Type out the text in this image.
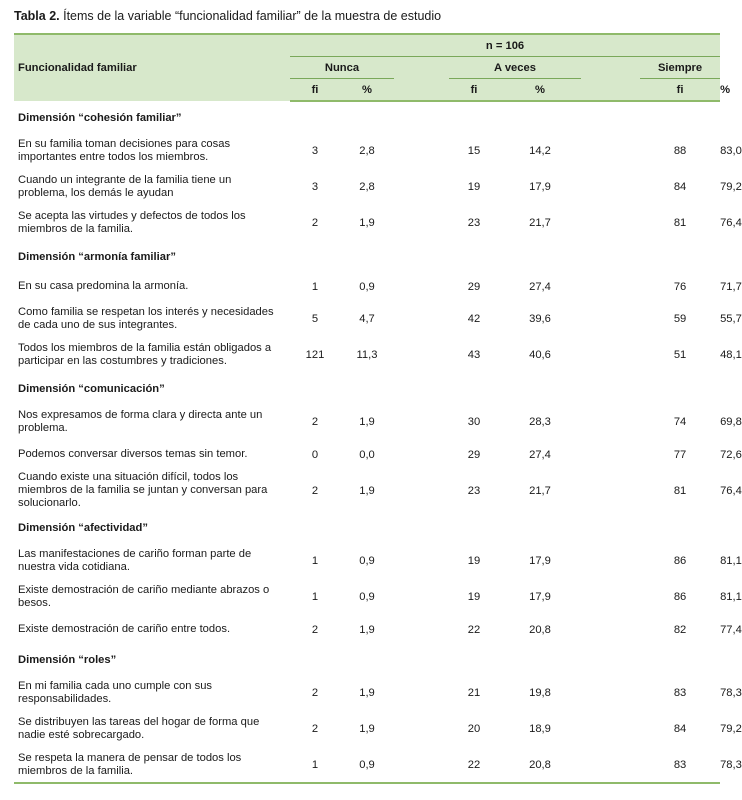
Tabla 2. Ítems de la variable “funcionalidad familiar” de la muestra de estudio
Funcionalidad familiar	n = 106							
	Nunca			A veces			Siempre	
	fi	%		fi	%		fi	%
Dimensión “cohesión familiar”								
En su familia toman decisiones para cosas importantes entre todos los miembros.	3	2,8		15	14,2		88	83,0
Cuando un integrante de la familia tiene un problema, los demás le ayudan	3	2,8		19	17,9		84	79,2
Se acepta las virtudes y defectos de todos los miembros de la familia.	2	1,9		23	21,7		81	76,4
Dimensión “armonía familiar”								
En su casa predomina la armonía.	1	0,9		29	27,4		76	71,7
Como familia se respetan los interés y necesidades de cada uno de sus integrantes.	5	4,7		42	39,6		59	55,7
Todos los miembros de la familia están obligados a participar en las costumbres y tradiciones.	121	11,3		43	40,6		51	48,1
Dimensión “comunicación”								
Nos expresamos de forma clara y directa ante un problema.	2	1,9		30	28,3		74	69,8
Podemos conversar diversos temas sin temor.	0	0,0		29	27,4		77	72,6
Cuando existe una situación difícil, todos los miembros de la familia se juntan y conversan para solucionarlo.	2	1,9		23	21,7		81	76,4
Dimensión “afectividad”								
Las manifestaciones de cariño forman parte de nuestra vida cotidiana.	1	0,9		19	17,9		86	81,1
Existe demostración de cariño mediante abrazos o besos.	1	0,9		19	17,9		86	81,1
Existe demostración de cariño entre todos.	2	1,9		22	20,8		82	77,4
Dimensión “roles”								
En mi familia cada uno cumple con sus responsabilidades.	2	1,9		21	19,8		83	78,3
Se distribuyen las tareas del hogar de forma que nadie esté sobrecargado.	2	1,9		20	18,9		84	79,2
Se respeta la manera de pensar de todos los miembros de la familia.	1	0,9		22	20,8		83	78,3
